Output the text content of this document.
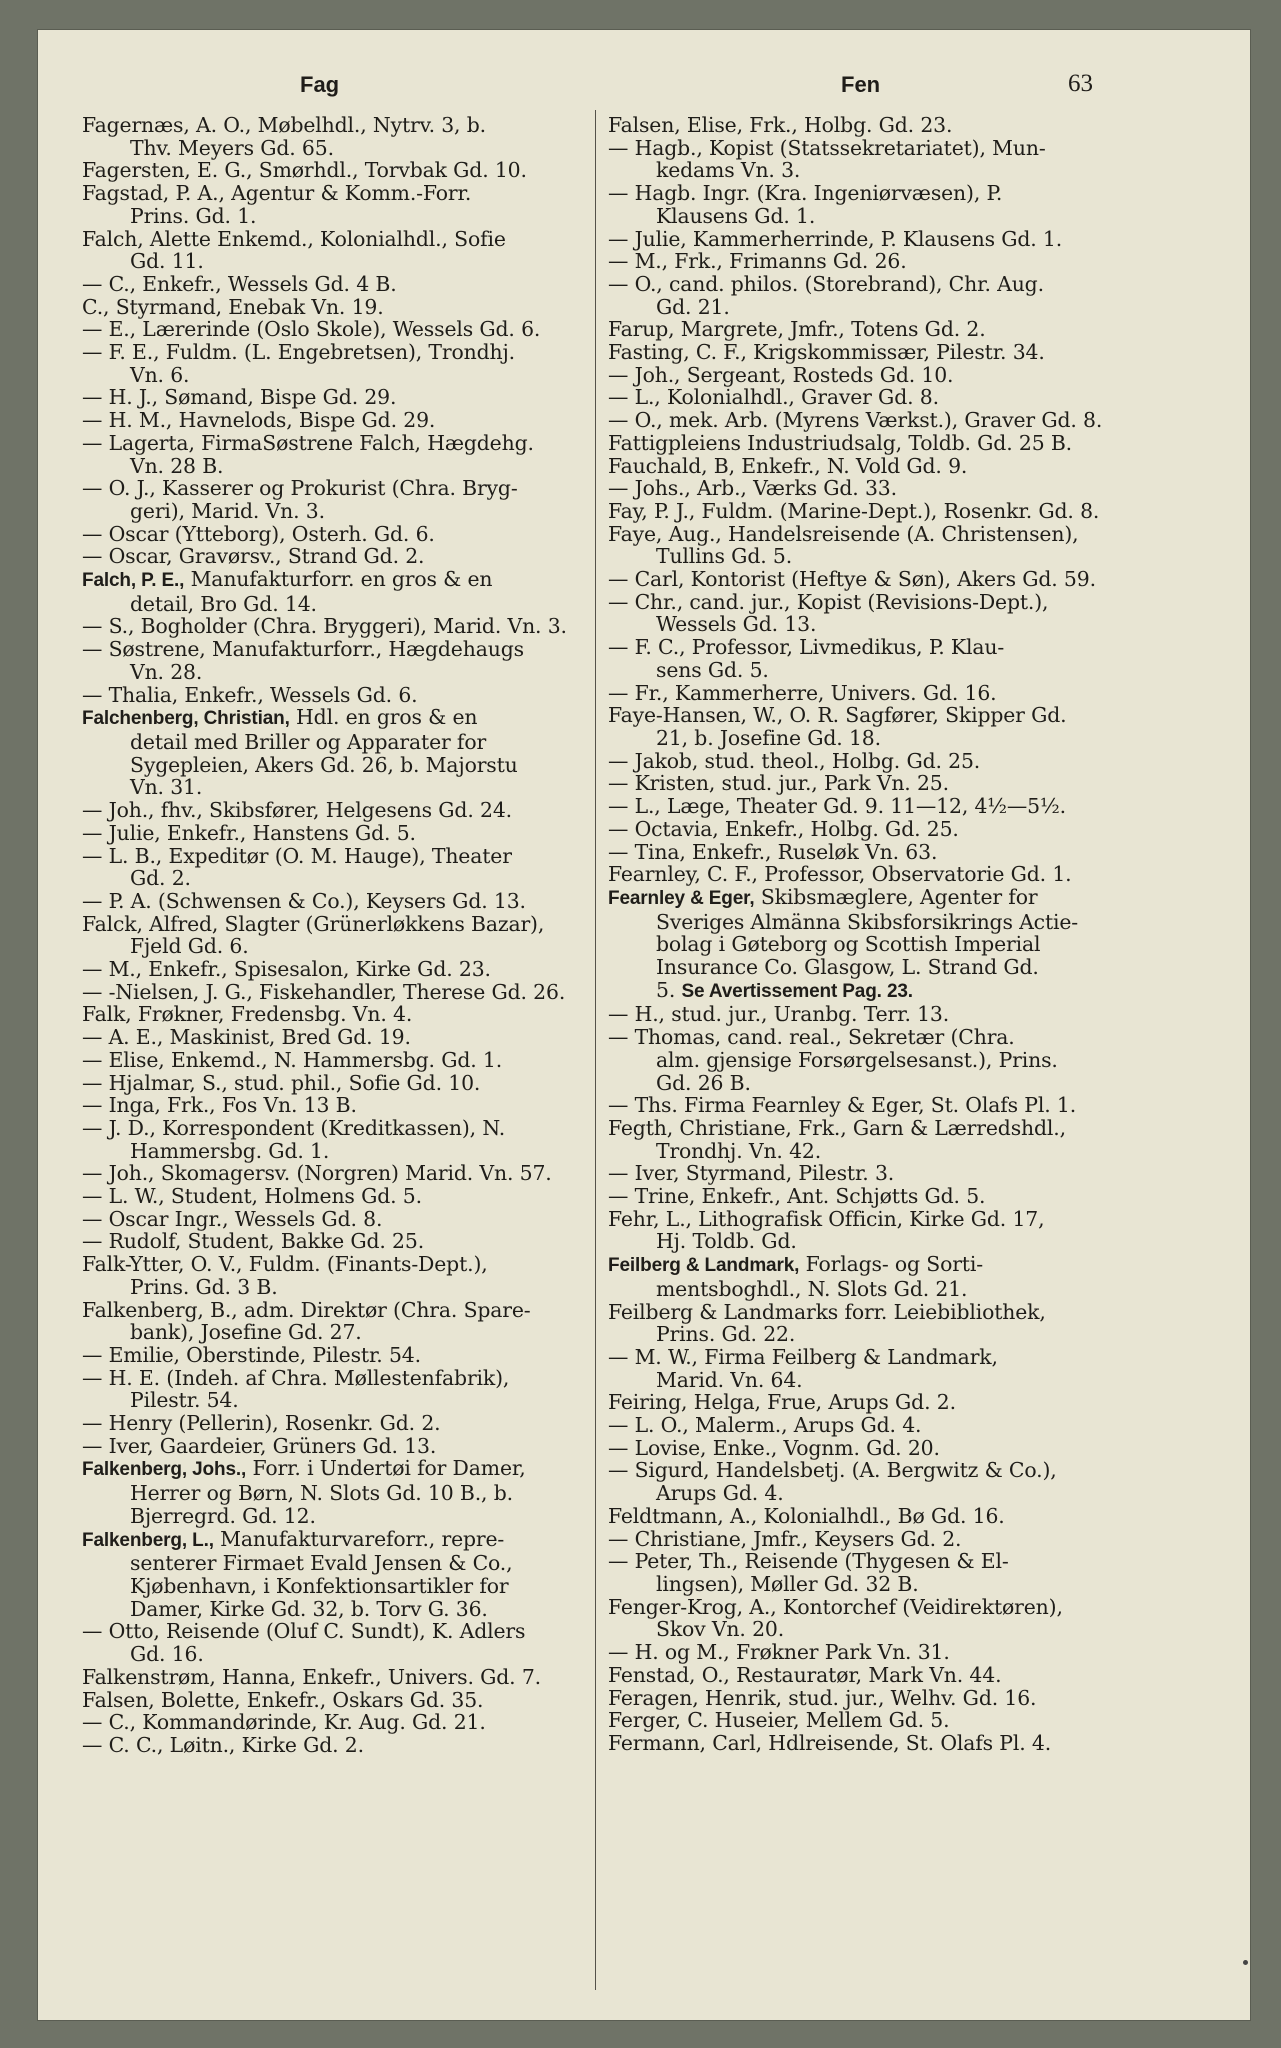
Fag	Fen	63
Fagernæs, A. O., Møbelhdl., Nytrv. 3, b.
Thv. Meyers Gd. 65.
Fagersten, E. G., Smørhdl., Torvbak Gd. 10.
Fagstad, P. A., Agentur & Komm.-Forr.
Prins. Gd. 1.
Falch, Alette Enkemd., Kolonialhdl., Sofie
Gd. 11.
— C., Enkefr., Wessels Gd. 4 B.
C., Styrmand, Enebak Vn. 19.
— E., Lærerinde (Oslo Skole), Wessels Gd. 6.
— F. E., Fuldm. (L. Engebretsen), Trondhj.
Vn. 6.
— H. J., Sømand, Bispe Gd. 29.
— H. M., Havnelods, Bispe Gd. 29.
— Lagerta, FirmaSøstrene Falch, Hægdehg.
Vn. 28 B.
— O. J., Kasserer og Prokurist (Chra. Bryg-
geri), Marid. Vn. 3.
— Oscar (Ytteborg), Osterh. Gd. 6.
— Oscar, Gravørsv., Strand Gd. 2.
Falch, P. E., Manufakturforr. en gros & en
detail, Bro Gd. 14.
— S., Bogholder (Chra. Bryggeri), Marid. Vn. 3.
— Søstrene, Manufakturforr., Hægdehaugs
Vn. 28.
— Thalia, Enkefr., Wessels Gd. 6.
Falchenberg, Christian, Hdl. en gros & en
detail med Briller og Apparater for
Sygepleien, Akers Gd. 26, b. Majorstu
Vn. 31.
— Joh., fhv., Skibsfører, Helgesens Gd. 24.
— Julie, Enkefr., Hanstens Gd. 5.
— L. B., Expeditør (O. M. Hauge), Theater
Gd. 2.
— P. A. (Schwensen & Co.), Keysers Gd. 13.
Falck, Alfred, Slagter (Grünerløkkens Bazar),
Fjeld Gd. 6.
— M., Enkefr., Spisesalon, Kirke Gd. 23.
— -Nielsen, J. G., Fiskehandler, Therese Gd. 26.
Falk, Frøkner, Fredensbg. Vn. 4.
— A. E., Maskinist, Bred Gd. 19.
— Elise, Enkemd., N. Hammersbg. Gd. 1.
— Hjalmar, S., stud. phil., Sofie Gd. 10.
— Inga, Frk., Fos Vn. 13 B.
— J. D., Korrespondent (Kreditkassen), N.
Hammersbg. Gd. 1.
— Joh., Skomagersv. (Norgren) Marid. Vn. 57.
— L. W., Student, Holmens Gd. 5.
— Oscar Ingr., Wessels Gd. 8.
— Rudolf, Student, Bakke Gd. 25.
Falk-Ytter, O. V., Fuldm. (Finants-Dept.),
Prins. Gd. 3 B.
Falkenberg, B., adm. Direktør (Chra. Spare-
bank), Josefine Gd. 27.
— Emilie, Oberstinde, Pilestr. 54.
— H. E. (Indeh. af Chra. Møllestenfabrik),
Pilestr. 54.
— Henry (Pellerin), Rosenkr. Gd. 2.
— Iver, Gaardeier, Grüners Gd. 13.
Falkenberg, Johs., Forr. i Undertøi for Damer,
Herrer og Børn, N. Slots Gd. 10 B., b.
Bjerregrd. Gd. 12.
Falkenberg, L., Manufakturvareforr., repre-
senterer Firmaet Evald Jensen & Co.,
Kjøbenhavn, i Konfektionsartikler for
Damer, Kirke Gd. 32, b. Torv G. 36.
— Otto, Reisende (Oluf C. Sundt), K. Adlers
Gd. 16.
Falkenstrøm, Hanna, Enkefr., Univers. Gd. 7.
Falsen, Bolette, Enkefr., Oskars Gd. 35.
— C., Kommandørinde, Kr. Aug. Gd. 21.
— C. C., Løitn., Kirke Gd. 2.
Falsen, Elise, Frk., Holbg. Gd. 23.
— Hagb., Kopist (Statssekretariatet), Mun-
kedams Vn. 3.
— Hagb. Ingr. (Kra. Ingeniørvæsen), P.
Klausens Gd. 1.
— Julie, Kammerherrinde, P. Klausens Gd. 1.
— M., Frk., Frimanns Gd. 26.
— O., cand. philos. (Storebrand), Chr. Aug.
Gd. 21.
Farup, Margrete, Jmfr., Totens Gd. 2.
Fasting, C. F., Krigskommissær, Pilestr. 34.
— Joh., Sergeant, Rosteds Gd. 10.
— L., Kolonialhdl., Graver Gd. 8.
— O., mek. Arb. (Myrens Værkst.), Graver Gd. 8.
Fattigpleiens Industriudsalg, Toldb. Gd. 25 B.
Fauchald, B, Enkefr., N. Vold Gd. 9.
— Johs., Arb., Værks Gd. 33.
Fay, P. J., Fuldm. (Marine-Dept.), Rosenkr. Gd. 8.
Faye, Aug., Handelsreisende (A. Christensen),
Tullins Gd. 5.
— Carl, Kontorist (Heftye & Søn), Akers Gd. 59.
— Chr., cand. jur., Kopist (Revisions-Dept.),
Wessels Gd. 13.
— F. C., Professor, Livmedikus, P. Klau-
sens Gd. 5.
— Fr., Kammerherre, Univers. Gd. 16.
Faye-Hansen, W., O. R. Sagfører, Skipper Gd.
21, b. Josefine Gd. 18.
— Jakob, stud. theol., Holbg. Gd. 25.
— Kristen, stud. jur., Park Vn. 25.
— L., Læge, Theater Gd. 9. 11—12, 4½—5½.
— Octavia, Enkefr., Holbg. Gd. 25.
— Tina, Enkefr., Ruseløk Vn. 63.
Fearnley, C. F., Professor, Observatorie Gd. 1.
Fearnley & Eger, Skibsmæglere, Agenter for
Sveriges Almänna Skibsforsikrings Actie-
bolag i Gøteborg og Scottish Imperial
Insurance Co. Glasgow, L. Strand Gd.
5. Se Avertissement Pag. 23.
— H., stud. jur., Uranbg. Terr. 13.
— Thomas, cand. real., Sekretær (Chra.
alm. gjensige Forsørgelsesanst.), Prins.
Gd. 26 B.
— Ths. Firma Fearnley & Eger, St. Olafs Pl. 1.
Fegth, Christiane, Frk., Garn & Lærredshdl.,
Trondhj. Vn. 42.
— Iver, Styrmand, Pilestr. 3.
— Trine, Enkefr., Ant. Schjøtts Gd. 5.
Fehr, L., Lithografisk Officin, Kirke Gd. 17,
Hj. Toldb. Gd.
Feilberg & Landmark, Forlags- og Sorti-
mentsboghdl., N. Slots Gd. 21.
Feilberg & Landmarks forr. Leiebibliothek,
Prins. Gd. 22.
— M. W., Firma Feilberg & Landmark,
Marid. Vn. 64.
Feiring, Helga, Frue, Arups Gd. 2.
— L. O., Malerm., Arups Gd. 4.
— Lovise, Enke., Vognm. Gd. 20.
— Sigurd, Handelsbetj. (A. Bergwitz & Co.),
Arups Gd. 4.
Feldtmann, A., Kolonialhdl., Bø Gd. 16.
— Christiane, Jmfr., Keysers Gd. 2.
— Peter, Th., Reisende (Thygesen & El-
lingsen), Møller Gd. 32 B.
Fenger-Krog, A., Kontorchef (Veidirektøren),
Skov Vn. 20.
— H. og M., Frøkner Park Vn. 31.
Fenstad, O., Restauratør, Mark Vn. 44.
Feragen, Henrik, stud. jur., Welhv. Gd. 16.
Ferger, C. Huseier, Mellem Gd. 5.
Fermann, Carl, Hdlreisende, St. Olafs Pl. 4.
